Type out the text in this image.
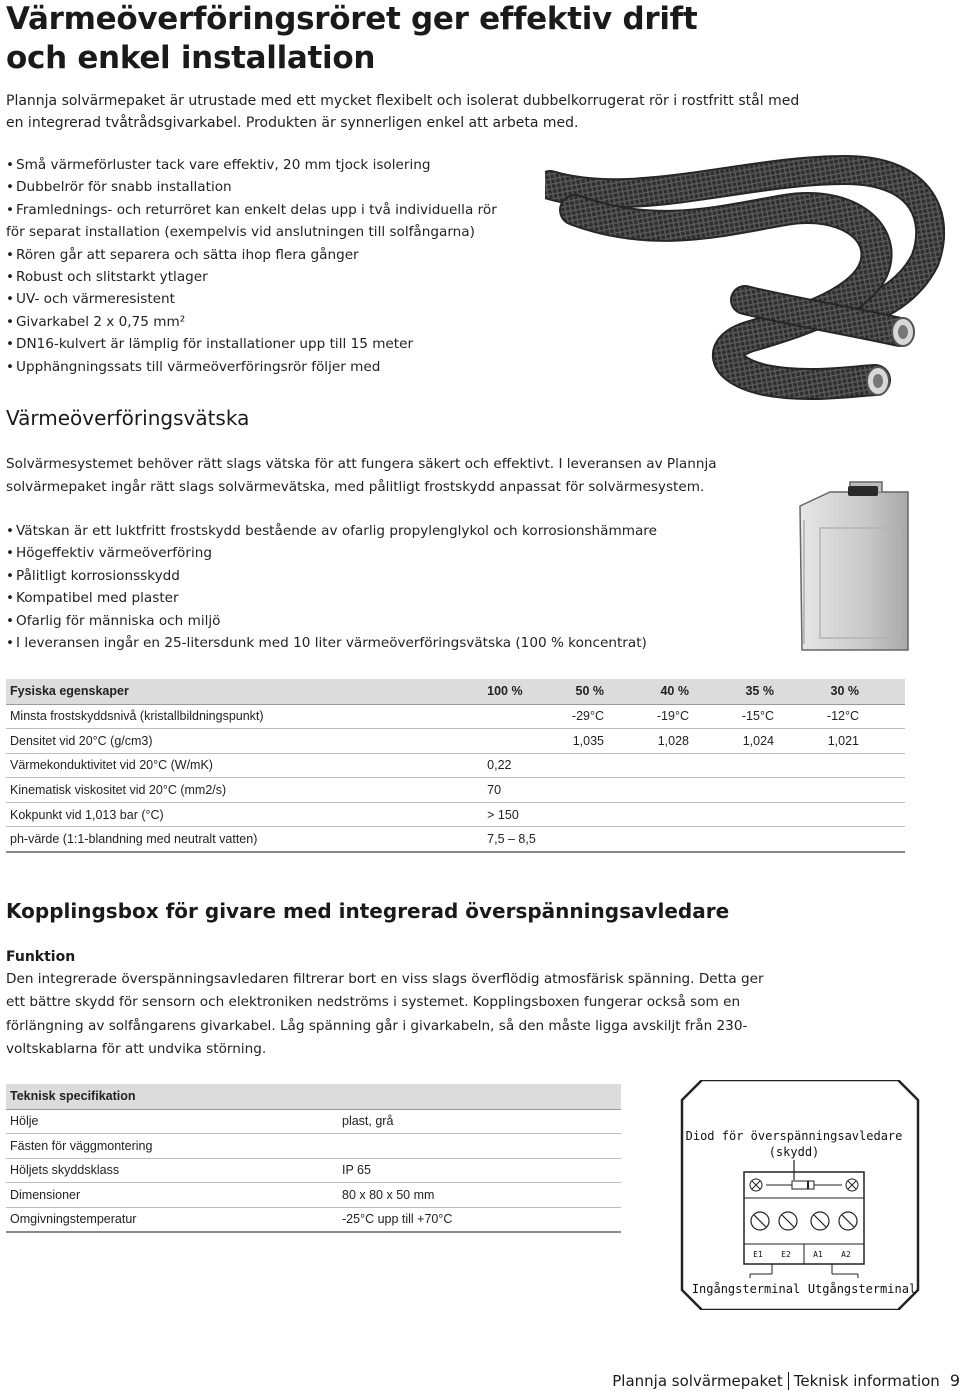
Värmeöverföringsröret ger effektiv drift och enkel installation

Plannja solvärmepaket är utrustade med ett mycket flexibelt och isolerat dubbelkorrugerat rör i rostfritt stål med en integrerad tvåtrådsgivarkabel. Produkten är synnerligen enkel att arbeta med.

• Små värmeförluster tack vare effektiv, 20 mm tjock isolering
• Dubbelrör för snabb installation
• Framlednings- och returröret kan enkelt delas upp i två individuella rör
för separat installation (exempelvis vid anslutningen till solfångarna)
• Rören går att separera och sätta ihop flera gånger
• Robust och slitstarkt ytlager
• UV- och värmeresistent
• Givarkabel 2 x 0,75 mm²
• DN16-kulvert är lämplig för installationer upp till 15 meter
• Upphängningssats till värmeöverföringsrör följer med
Värmeöverföringsvätska

Solvärmesystemet behöver rätt slags vätska för att fungera säkert och effektivt. I leveransen av Plannja solvärmepaket ingår rätt slags solvärmevätska, med pålitligt frostskydd anpassat för solvärmesystem.

• Vätskan är ett luktfritt frostskydd bestående av ofarlig propylenglykol och korrosionshämmare
• Högeffektiv värmeöverföring
• Pålitligt korrosionsskydd
• Kompatibel med plaster
• Ofarlig för människa och miljö
• I leveransen ingår en 25-litersdunk med 10 liter värmeöverföringsvätska (100 % koncentrat)
Fysiska egenskaper	100 %	50 %	40 %	35 %	30 %
Minsta frostskyddsnivå (kristallbildningspunkt)		-29°C	-19°C	-15°C	-12°C
Densitet vid 20°C (g/cm3)		1,035	1,028	1,024	1,021
Värmekonduktivitet vid 20°C (W/mK)	0,22				
Kinematisk viskositet vid 20°C (mm2/s)	70				
Kokpunkt vid 1,013 bar (°C)	> 150				
ph-värde (1:1-blandning med neutralt vatten)	7,5 – 8,5				
Kopplingsbox för givare med integrerad överspänningsavledare
Funktion

Den integrerade överspänningsavledaren filtrerar bort en viss slags överflödig atmosfärisk spänning. Detta ger ett bättre skydd för sensorn och elektroniken nedströms i systemet. Kopplingsboxen fungerar också som en förlängning av solfångarens givarkabel. Låg spänning går i givarkabeln, så den måste ligga avskiljt från 230-voltskablarna för att undvika störning.

Teknisk specifikation	
Hölje	plast, grå
Fästen för väggmontering	
Höljets skyddsklass	IP 65
Dimensioner	80 x 80 x 50 mm
Omgivningstemperatur	-25°C upp till +70°C
Diod för överspänningsavledare
(skydd)
E1 E2	A1 A2
Ingångsterminal Utgångsterminal
Plannja solvärmepaket Teknisk information 9
